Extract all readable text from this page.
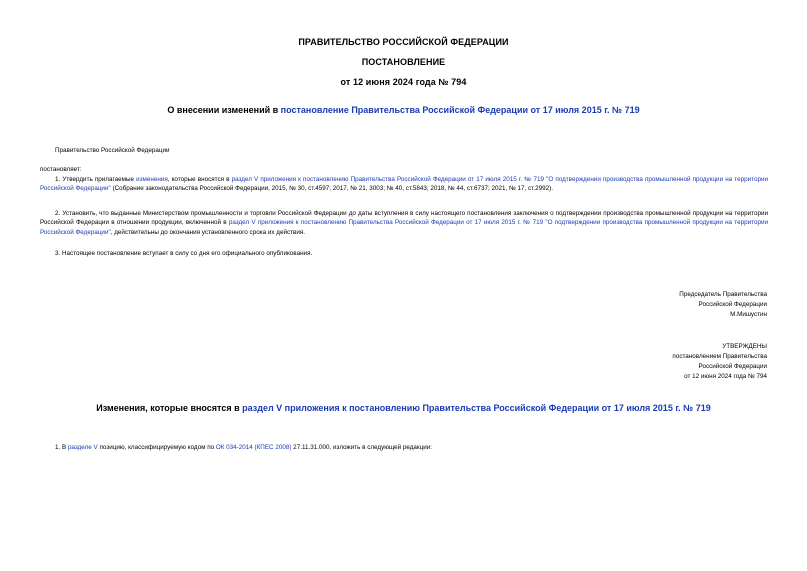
ПРАВИТЕЛЬСТВО РОССИЙСКОЙ ФЕДЕРАЦИИ
ПОСТАНОВЛЕНИЕ
от 12 июня 2024 года № 794
О внесении изменений в постановление Правительства Российской Федерации от 17 июля 2015 г. № 719
Правительство Российской Федерации
постановляет:
1. Утвердить прилагаемые изменения, которые вносятся в раздел V приложения к постановлению Правительства Российской Федерации от 17 июля 2015 г. № 719 "О подтверждении производства промышленной продукции на территории Российской Федерации" (Собрание законодательства Российской Федерации, 2015, № 30, ст.4597; 2017, № 21, 3003; № 40, ст.5843; 2018, № 44, ст.6737; 2021, № 17, ст.2992).
2. Установить, что выданные Министерством промышленности и торговли Российской Федерации до даты вступления в силу настоящего постановления заключения о подтверждении производства промышленной продукции на территории Российской Федерации в отношении продукции, включенной в раздел V приложения к постановлению Правительства Российской Федерации от 17 июля 2015 г. № 719 "О подтверждении производства промышленной продукции на территории Российской Федерации", действительны до окончания установленного срока их действия.
3. Настоящее постановление вступает в силу со дня его официального опубликования.
Председатель Правительства
Российской Федерации
М.Мишустин
УТВЕРЖДЕНЫ
постановлением Правительства
Российской Федерации
от 12 июня 2024 года № 794
Изменения, которые вносятся в раздел V приложения к постановлению Правительства Российской Федерации от 17 июля 2015 г. № 719
1. В разделе V позицию, классифицируемую кодом по ОК 034-2014 (КПЕС 2008) 27.11.31.000, изложить в следующей редакции:
